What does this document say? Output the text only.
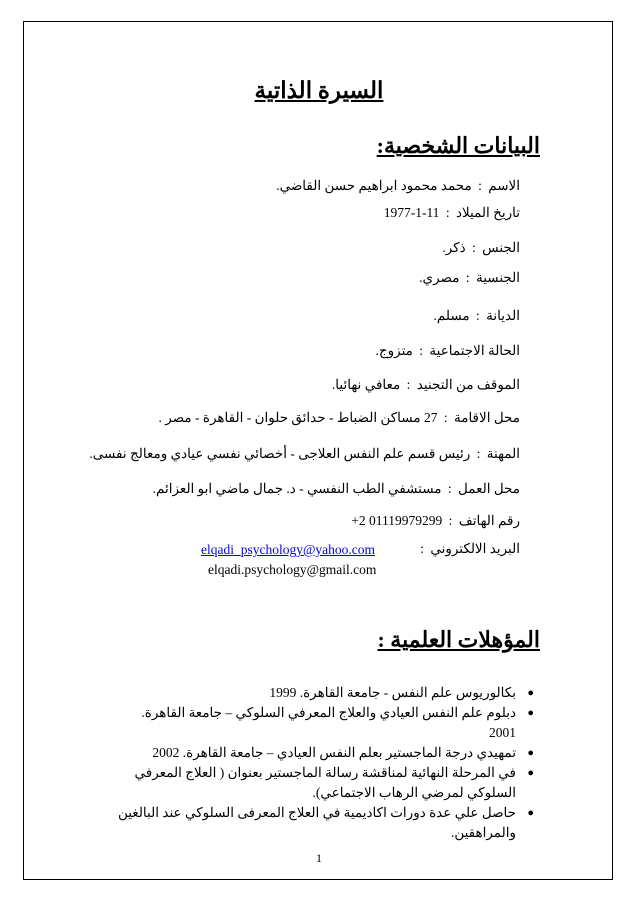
السيرة الذاتية
البيانات الشخصية:
الاسم : محمد محمود ابراهيم حسن القاضي.
تاريخ الميلاد : 11-1-1977
الجنس : ذكر.
الجنسية : مصري.
الديانة : مسلم.
الحالة الاجتماعية : متزوج.
الموقف من التجنيد : معافي نهائيا.
محل الاقامة : 27 مساكن الضباط - حدائق حلوان - القاهرة - مصر .
المهنة : رئيس قسم علم النفس العلاجى - أخصائي نفسي عيادي ومعالج نفسى.
محل العمل : مستشفي الطب النفسي - د. جمال ماضي ابو العزائم.
رقم الهاتف : 01119979299 2+
البريد الالكتروني :
elqadi_psychology@yahoo.com
elqadi.psychology@gmail.com
المؤهلات العلمية :
●
بكالوريوس علم النفس - جامعة القاهرة. 1999
●
دبلوم علم النفس العيادي والعلاج المعرفي السلوكي – جامعة القاهرة. 2001
●
تمهيدي درجة الماجستير بعلم النفس العيادي – جامعة القاهرة. 2002
●
في المرحلة النهائية لمناقشة رسالة الماجستير بعنوان ( العلاج المعرفي السلوكي لمرضي الرهاب الاجتماعي).
●
حاصل علي عدة دورات اكاديمية في العلاج المعرفى السلوكي عند البالغين والمراهقين.
1
